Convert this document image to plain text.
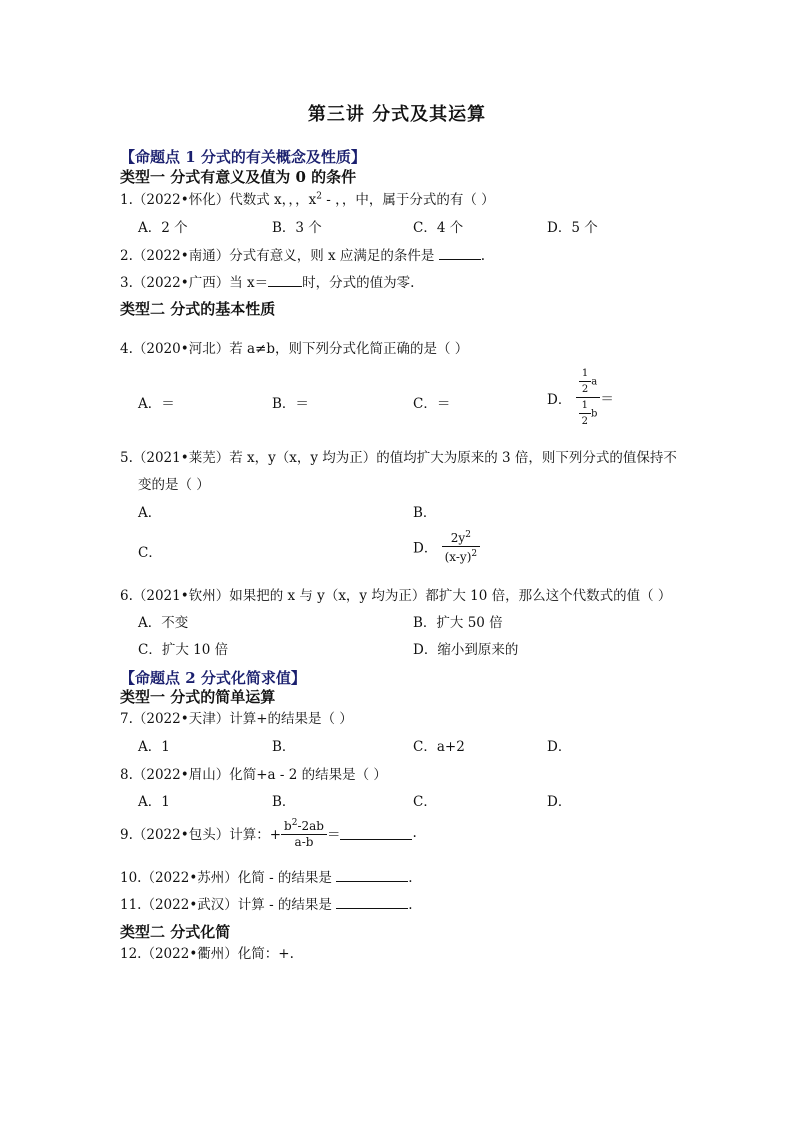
第三讲 分式及其运算
【命题点 1 分式的有关概念及性质】
类型一 分式有意义及值为 0 的条件
1.（2022•怀化）代数式 x，，，$x^2$ - ，，中，属于分式的有（ ）
A．2 个	B．3 个	C．4 个	D．5 个
2.（2022•南通）分式有意义，则 x 应满足的条件是	.
3.（2022•广西）当 x＝	时，分式的值为零.
类型二 分式的基本性质
4.（2020•河北）若 a≠b，则下列分式化简正确的是（ ）
A．＝	B．＝	C．＝	D． $\frac{\frac{1}{2} a}{\frac{1}{2} b}$ ＝
5.（2021•莱芜）若 x，y（x，y 均为正）的值均扩大为原来的 3 倍，则下列分式的值保持不
变的是（ ）
A．	B．
C．	D． $\frac{2y^2}{(x-y)^2}$
6.（2021•钦州）如果把的 x 与 y（x，y 均为正）都扩大 10 倍，那么这个代数式的值（ ）
A．不变	B．扩大 50 倍
C．扩大 10 倍	D．缩小到原来的
【命题点 2 分式化简求值】
类型一 分式的简单运算
7.（2022•天津）计算+的结果是（ ）
A．1	B．	C．a+2	D．
8.（2022•眉山）化简+a - 2 的结果是（ ）
A．1	B．	C．	D．
9.（2022•包头）计算：+ $\frac{b^2-2ab}{a-b}$ ＝	.
10.（2022•苏州）化简 - 的结果是	.
11.（2022•武汉）计算 - 的结果是	.
类型二 分式化简
12.（2022•衢州）化简：+.
